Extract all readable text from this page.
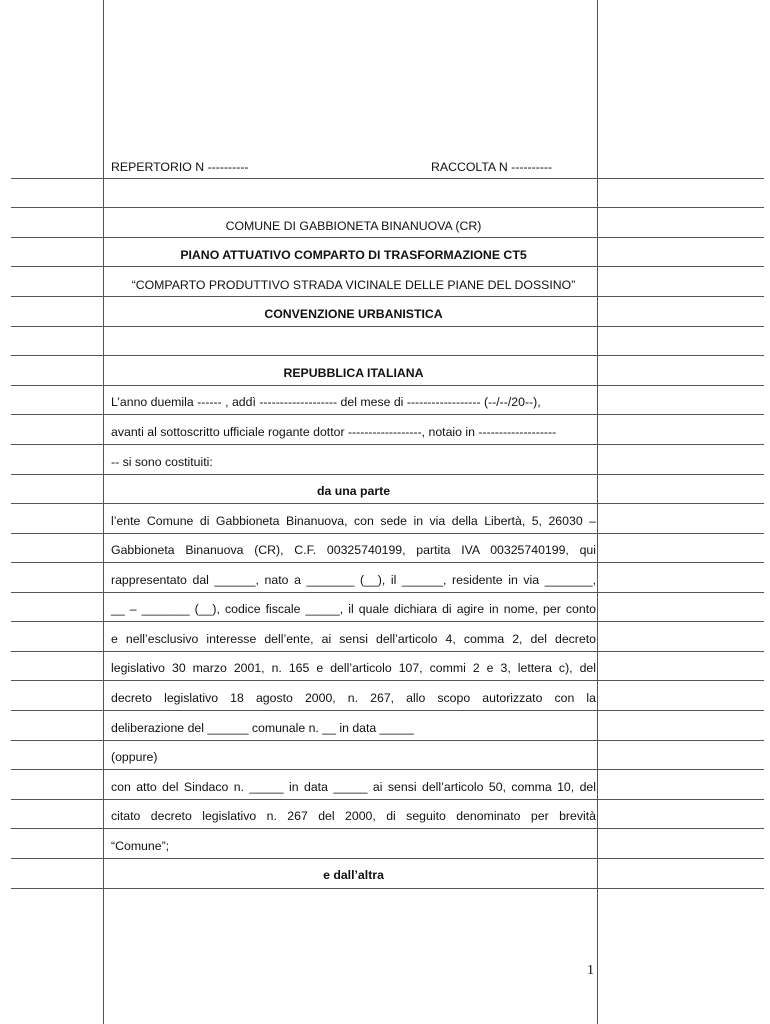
REPERTORIO N ----------	RACCOLTA N ----------
COMUNE DI GABBIONETA BINANUOVA (CR)
PIANO ATTUATIVO COMPARTO DI TRASFORMAZIONE CT5
“COMPARTO PRODUTTIVO STRADA VICINALE DELLE PIANE DEL DOSSINO”
CONVENZIONE URBANISTICA
REPUBBLICA ITALIANA
L’anno duemila ------ , addì ------------------- del mese di ------------------ (--/--/20--),
avanti al sottoscritto ufficiale rogante dottor ------------------, notaio in -------------------
-- si sono costituiti:
da una parte
l’ente Comune di Gabbioneta Binanuova, con sede in via della Libertà, 5, 26030 –
Gabbioneta Binanuova (CR), C.F. 00325740199, partita IVA 00325740199, qui
rappresentato dal ______, nato a _______ (__), il ______, residente in via _______,
__ – _______ (__), codice fiscale _____, il quale dichiara di agire in nome, per conto
e nell’esclusivo interesse dell’ente, ai sensi dell’articolo 4, comma 2, del decreto
legislativo 30 marzo 2001, n. 165 e dell’articolo 107, commi 2 e 3, lettera c), del
decreto legislativo 18 agosto 2000, n. 267, allo scopo autorizzato con la
deliberazione del ______ comunale n. __ in data _____
(oppure)
con atto del Sindaco n. _____ in data _____ ai sensi dell’articolo 50, comma 10, del
citato decreto legislativo n. 267 del 2000, di seguito denominato per brevità
“Comune”;
e dall’altra
1
